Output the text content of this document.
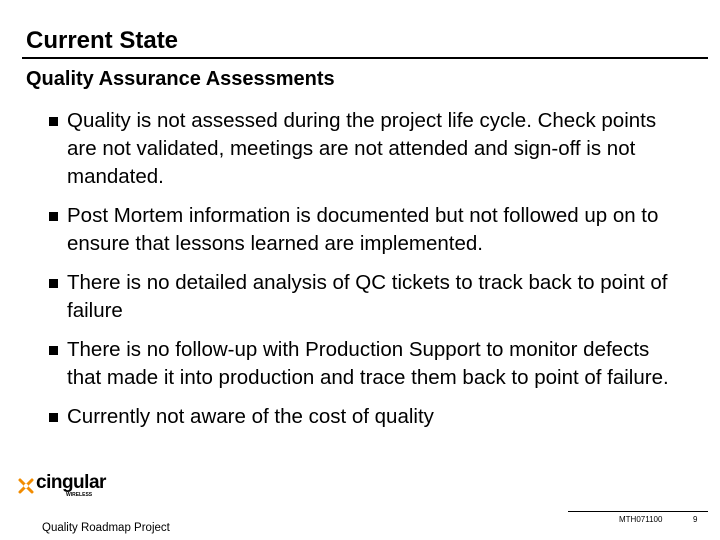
Current State
Quality Assurance Assessments
Quality is not assessed during the project life cycle. Check points are not validated, meetings are not attended and sign-off is not mandated.
Post Mortem information is documented but not followed up on to ensure that lessons learned are implemented.
There is no detailed analysis of QC tickets to track back to point of failure
There is no follow-up with Production Support to monitor defects that made it into production and trace them back to point of failure.
Currently not aware of the cost of quality
cingular
WIRELESS
Quality Roadmap Project
MTH071100	9
